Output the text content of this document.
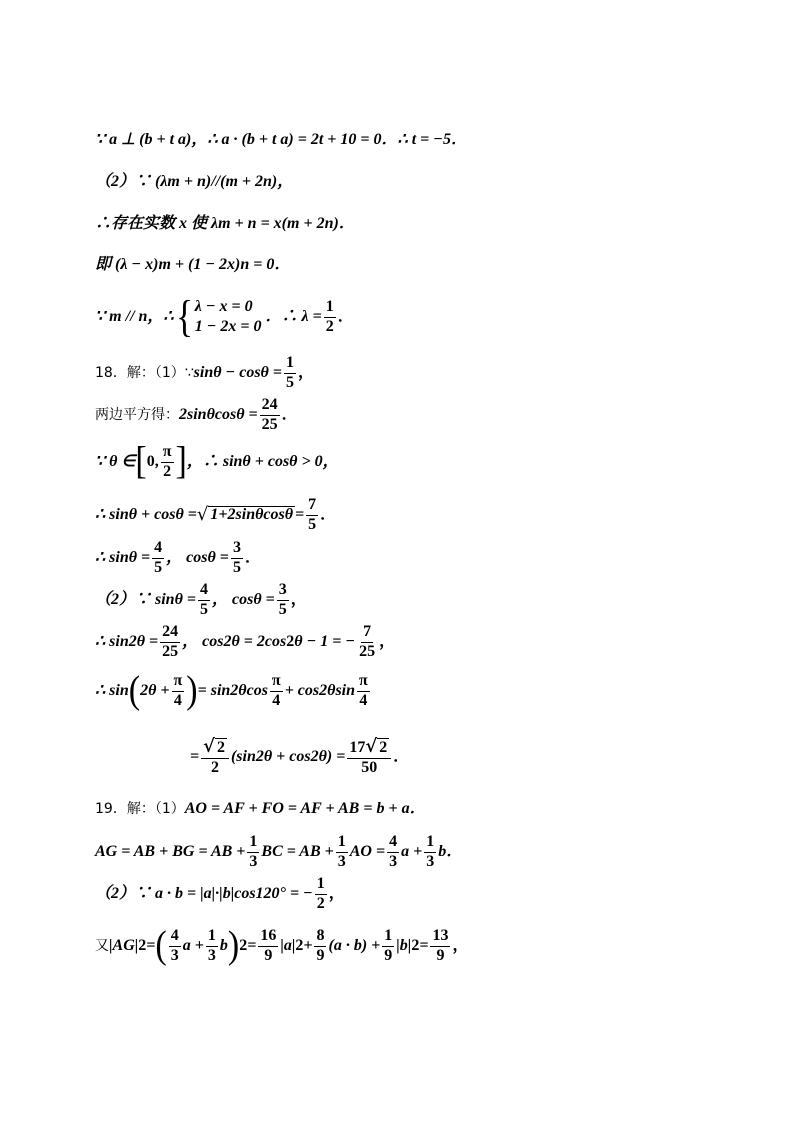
∵ a ⊥ (b + t a)，∴ a · (b + t a) = 2t + 10 = 0．∴ t = −5．
（2）∵ (λm + n)//(m + 2n)，
∴存在实数 x 使 λm + n = x(m + 2n)．
即 (λ − x)m + (1 − 2x)n = 0．
∵ m // n，∴ { λ − x = 0
1 − 2x = 0
．∴ $\lambda = \frac{1}{2}$ ．
18．解：（1）∵ $\sin\theta - \cos\theta = \frac{1}{5}$ ，
两边平方得： $2\sin\theta\cos\theta = \frac{24}{25}$ ．
∵ θ ∈ [ 0, $\frac{\pi}{2}$ ] ，∴ sinθ + cosθ > 0，
∴ sinθ + cosθ = √ $1+2\sin\theta\cos\theta = \frac{7}{5}$ ．
∴ $\sin\theta = \frac{4}{5}$ ， $\cos\theta = \frac{3}{5}$ ．
（2）∵ $\sin\theta = \frac{4}{5}$ ， $\cos\theta = \frac{3}{5}$ ，
∴ $\sin 2\theta = \frac{24}{25}$ ， cos2θ = 2cos 2 θ − 1 = − $\frac{7}{25}$ ，
∴ sin ( $2\theta + \frac{\pi}{4}$ ) = $\sin 2\theta\cos \frac{\pi}{4} + \cos 2\theta\sin \frac{\pi}{4}$
= $\frac{√ 2}{2} (\sin 2\theta + \cos 2\theta) = \frac{17√ 2}{50}$ ．
19．解：（1） AO = AF + FO = AF + AB = b + a．
AG = AB + BG = AB + $\frac{1}{3}$ BC = AB + $\frac{1}{3}$ AO = $\frac{4}{3}$ $a + \frac{1}{3}$ b．
（2）∵ a · b = |a|·|b|cos120° = − $\frac{1}{2}$ ，
又 |AG| 2 = ( $\frac{4}{3}$ $a + \frac{1}{3}$ b ) $2 = \frac{16}{9} |a|$ $2 + \frac{8}{9} (a \cdot b) + \frac{1}{9} |b|$ $2 = \frac{13}{9}$ ，
